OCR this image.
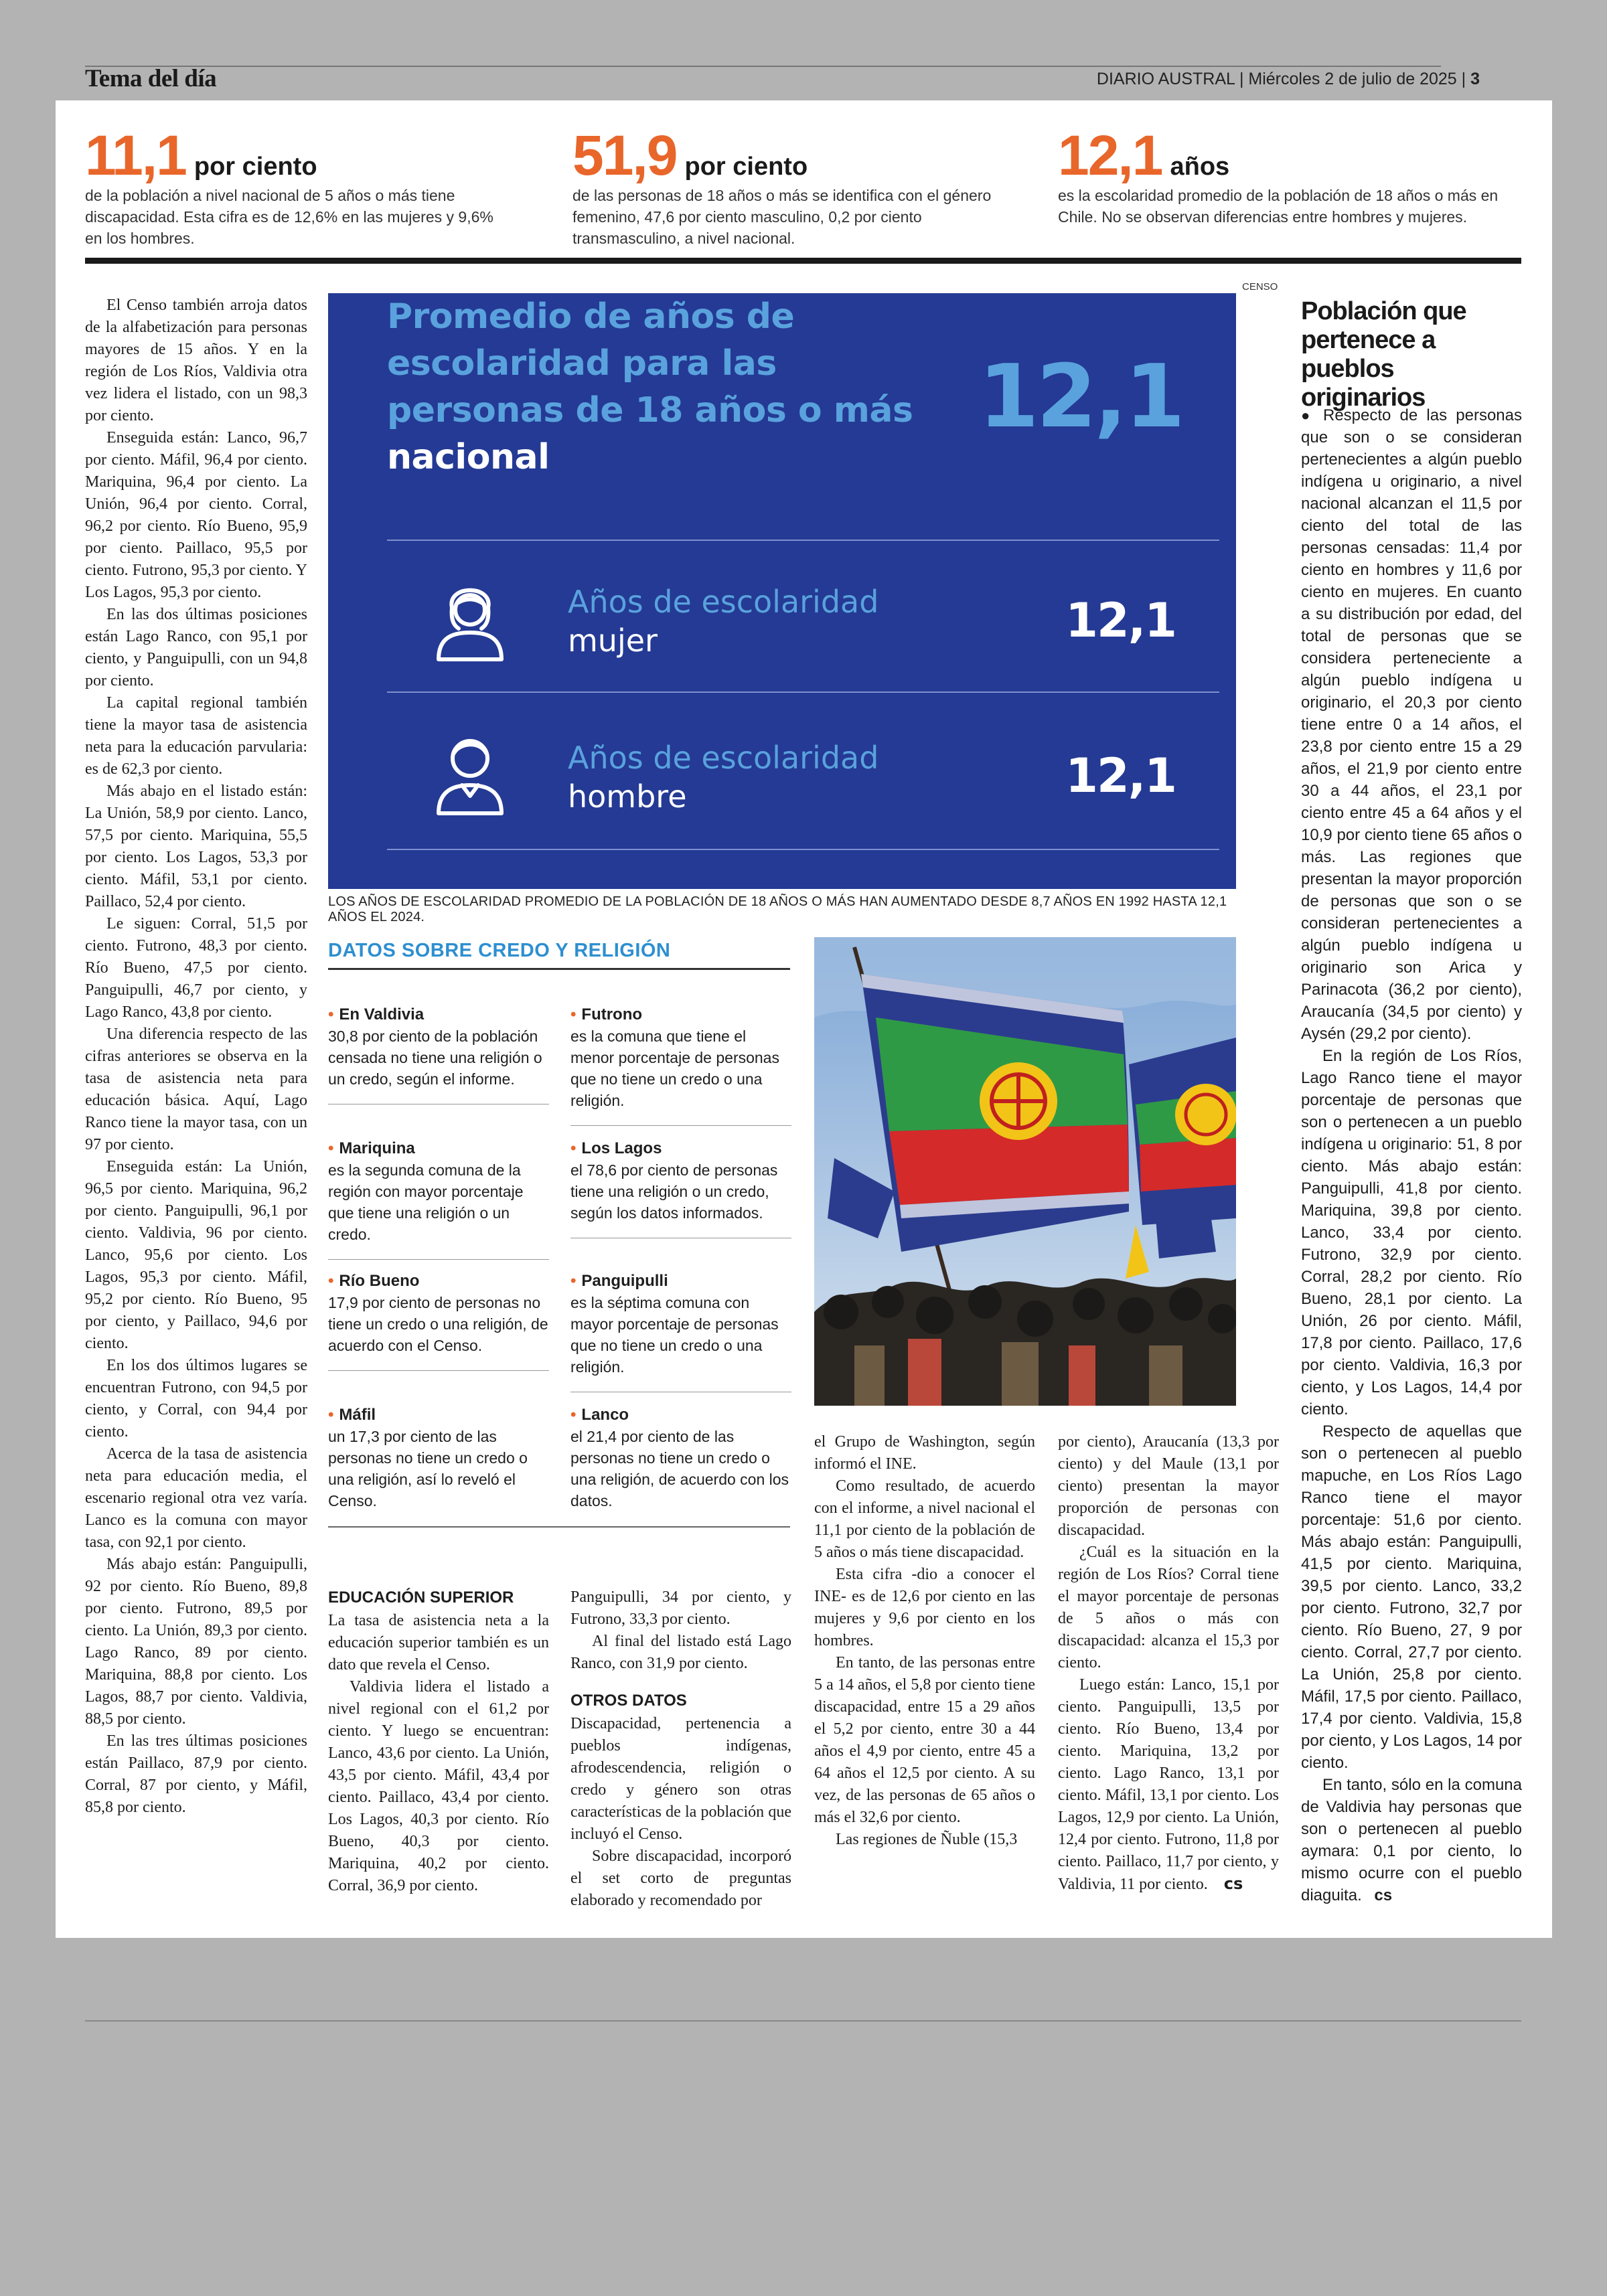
Tema del día	DIARIO AUSTRAL | Miércoles 2 de julio de 2025 | 3
11,1 por ciento
de la población a nivel nacional de 5 años o más tiene discapacidad. Esta cifra es de 12,6% en las mujeres y 9,6% en los hombres.
51,9 por ciento
de las personas de 18 años o más se identifica con el género femenino, 47,6 por ciento masculino, 0,2 por ciento transmasculino, a nivel nacional.
12,1 años
es la escolaridad promedio de la población de 18 años o más en Chile. No se observan diferencias entre hombres y mujeres.

El Censo también arroja datos de la alfabetización para personas mayores de 15 años. Y en la región de Los Ríos, Valdivia otra vez lidera el listado, con un 98,3 por ciento.

Enseguida están: Lanco, 96,7 por ciento. Máfil, 96,4 por ciento. Mariquina, 96,4 por ciento. La Unión, 96,4 por ciento. Corral, 96,2 por ciento. Río Bueno, 95,9 por ciento. Paillaco, 95,5 por ciento. Futrono, 95,3 por ciento. Y Los Lagos, 95,3 por ciento.

En las dos últimas posiciones están Lago Ranco, con 95,1 por ciento, y Panguipulli, con un 94,8 por ciento.

La capital regional también tiene la mayor tasa de asistencia neta para la educación parvularia: es de 62,3 por ciento.

Más abajo en el listado están: La Unión, 58,9 por ciento. Lanco, 57,5 por ciento. Mariquina, 55,5 por ciento. Los Lagos, 53,3 por ciento. Máfil, 53,1 por ciento. Paillaco, 52,4 por ciento.

Le siguen: Corral, 51,5 por ciento. Futrono, 48,3 por ciento. Río Bueno, 47,5 por ciento. Panguipulli, 46,7 por ciento, y Lago Ranco, 43,8 por ciento.

Una diferencia respecto de las cifras anteriores se observa en la tasa de asistencia neta para educación básica. Aquí, Lago Ranco tiene la mayor tasa, con un 97 por ciento.

Enseguida están: La Unión, 96,5 por ciento. Mariquina, 96,2 por ciento. Panguipulli, 96,1 por ciento. Valdivia, 96 por ciento. Lanco, 95,6 por ciento. Los Lagos, 95,3 por ciento. Máfil, 95,2 por ciento. Río Bueno, 95 por ciento, y Paillaco, 94,6 por ciento.

En los dos últimos lugares se encuentran Futrono, con 94,5 por ciento, y Corral, con 94,4 por ciento.

Acerca de la tasa de asistencia neta para educación media, el escenario regional otra vez varía. Lanco es la comuna con mayor tasa, con 92,1 por ciento.

Más abajo están: Panguipulli, 92 por ciento. Río Bueno, 89,8 por ciento. Futrono, 89,5 por ciento. La Unión, 89,3 por ciento. Lago Ranco, 89 por ciento. Mariquina, 88,8 por ciento. Los Lagos, 88,7 por ciento. Valdivia, 88,5 por ciento.

En las tres últimas posiciones están Paillaco, 87,9 por ciento. Corral, 87 por ciento, y Máfil, 85,8 por ciento.

CENSO
Promedio de años de
escolaridad para las
personas de 18 años o más
nacional
12,1
Años de escolaridad
mujer	12,1
Años de escolaridad
hombre	12,1
LOS AÑOS DE ESCOLARIDAD PROMEDIO DE LA POBLACIÓN DE 18 AÑOS O MÁS HAN AUMENTADO DESDE 8,7 AÑOS EN 1992 HASTA 12,1 AÑOS EL 2024.
DATOS SOBRE CREDO Y RELIGIÓN
• En Valdivia
30,8 por ciento de la población censada no tiene una religión o un credo, según el informe.
• Futrono
es la comuna que tiene el menor porcentaje de personas que no tiene un credo o una religión.
• Mariquina
es la segunda comuna de la región con mayor porcentaje que tiene una religión o un credo.
• Los Lagos
el 78,6 por ciento de personas tiene una religión o un credo, según los datos informados.
• Río Bueno
17,9 por ciento de personas no tiene un credo o una religión, de acuerdo con el Censo.
• Panguipulli
es la séptima comuna con mayor porcentaje de personas que no tiene un credo o una religión.
• Máfil
un 17,3 por ciento de las personas no tiene un credo o una religión, así lo reveló el Censo.
• Lanco
el 21,4 por ciento de las personas no tiene un credo o una religión, de acuerdo con los datos.
EDUCACIÓN SUPERIOR

La tasa de asistencia neta a la educación superior también es un dato que revela el Censo.

Valdivia lidera el listado a nivel regional con el 61,2 por ciento. Y luego se encuentran: Lanco, 43,6 por ciento. La Unión, 43,5 por ciento. Máfil, 43,4 por ciento. Paillaco, 43,4 por ciento. Los Lagos, 40,3 por ciento. Río Bueno, 40,3 por ciento. Mariquina, 40,2 por ciento. Corral, 36,9 por ciento.

Panguipulli, 34 por ciento, y Futrono, 33,3 por ciento.

Al final del listado está Lago Ranco, con 31,9 por ciento.

OTROS DATOS

Discapacidad, pertenencia a pueblos indígenas, afrodescendencia, religión o credo y género son otras características de la población que incluyó el Censo.

Sobre discapacidad, incorporó el set corto de preguntas elaborado y recomendado por

el Grupo de Washington, según informó el INE.

Como resultado, de acuerdo con el informe, a nivel nacional el 11,1 por ciento de la población de 5 años o más tiene discapacidad.

Esta cifra -dio a conocer el INE- es de 12,6 por ciento en las mujeres y 9,6 por ciento en los hombres.

En tanto, de las personas entre 5 a 14 años, el 5,8 por ciento tiene discapacidad, entre 15 a 29 años el 5,2 por ciento, entre 30 a 44 años el 4,9 por ciento, entre 45 a 64 años el 12,5 por ciento. A su vez, de las personas de 65 años o más el 32,6 por ciento.

Las regiones de Ñuble (15,3

por ciento), Araucanía (13,3 por ciento) y del Maule (13,1 por ciento) presentan la mayor proporción de personas con discapacidad.

¿Cuál es la situación en la región de Los Ríos? Corral tiene el mayor porcentaje de personas de 5 años o más con discapacidad: alcanza el 15,3 por ciento.

Luego están: Lanco, 15,1 por ciento. Panguipulli, 13,5 por ciento. Río Bueno, 13,4 por ciento. Mariquina, 13,2 por ciento. Lago Ranco, 13,1 por ciento. Máfil, 13,1 por ciento. Los Lagos, 12,9 por ciento. La Unión, 12,4 por ciento. Futrono, 11,8 por ciento. Paillaco, 11,7 por ciento, y Valdivia, 11 por ciento. cs

Población que pertenece a pueblos originarios

● Respecto de las personas que son o se consideran pertenecientes a algún pueblo indígena u originario, a nivel nacional alcanzan el 11,5 por ciento del total de las personas censadas: 11,4 por ciento en hombres y 11,6 por ciento en mujeres. En cuanto a su distribución por edad, del total de personas que se considera perteneciente a algún pueblo indígena u originario, el 20,3 por ciento tiene entre 0 a 14 años, el 23,8 por ciento entre 15 a 29 años, el 21,9 por ciento entre 30 a 44 años, el 23,1 por ciento entre 45 a 64 años y el 10,9 por ciento tiene 65 años o más. Las regiones que presentan la mayor proporción de personas que son o se consideran pertenecientes a algún pueblo indígena u originario son Arica y Parinacota (36,2 por ciento), Araucanía (34,5 por ciento) y Aysén (29,2 por ciento).

En la región de Los Ríos, Lago Ranco tiene el mayor porcentaje de personas que son o pertenecen a un pueblo indígena u originario: 51, 8 por ciento. Más abajo están: Panguipulli, 41,8 por ciento. Mariquina, 39,8 por ciento. Lanco, 33,4 por ciento. Futrono, 32,9 por ciento. Corral, 28,2 por ciento. Río Bueno, 28,1 por ciento. La Unión, 26 por ciento. Máfil, 17,8 por ciento. Paillaco, 17,6 por ciento. Valdivia, 16,3 por ciento, y Los Lagos, 14,4 por ciento.

Respecto de aquellas que son o pertenecen al pueblo mapuche, en Los Ríos Lago Ranco tiene el mayor porcentaje: 51,6 por ciento. Más abajo están: Panguipulli, 41,5 por ciento. Mariquina, 39,5 por ciento. Lanco, 33,2 por ciento. Futrono, 32,7 por ciento. Río Bueno, 27, 9 por ciento. Corral, 27,7 por ciento. La Unión, 25,8 por ciento. Máfil, 17,5 por ciento. Paillaco, 17,4 por ciento. Valdivia, 15,8 por ciento, y Los Lagos, 14 por ciento.

En tanto, sólo en la comuna de Valdivia hay personas que son o pertenecen al pueblo aymara: 0,1 por ciento, lo mismo ocurre con el pueblo diaguita. cs
